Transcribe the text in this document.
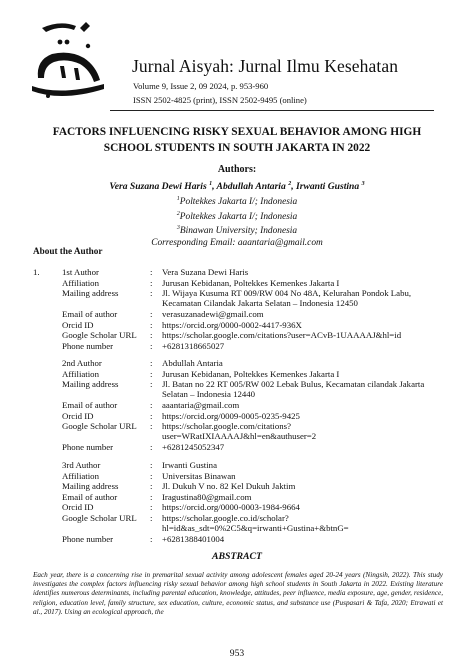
Jurnal Aisyah: Jurnal Ilmu Kesehatan
Volume 9, Issue 2, 09 2024, p. 953-960
ISSN 2502-4825 (print), ISSN 2502-9495 (online)
FACTORS INFLUENCING RISKY SEXUAL BEHAVIOR AMONG HIGH SCHOOL STUDENTS IN SOUTH JAKARTA IN 2022
Authors:
Vera Suzana Dewi Haris $^1$, Abdullah Antaria $^2$, Irwanti Gustina $^3$
$^1$Poltekkes Jakarta I/; Indonesia
$^2$Poltekkes Jakarta I/; Indonesia
$^3$Binawan University; Indonesia
Corresponding Email: aaantaria@gmail.com
About the Author
1.	1st Author	: Vera Suzana Dewi Haris
Affiliation	: Jurusan Kebidanan, Poltekkes Kemenkes Jakarta I
Mailing address	: Jl. Wijaya Kusuma RT 009/RW 004 No 48A, Kelurahan Pondok Labu, Kecamatan Cilandak Jakarta Selatan – Indonesia 12450
Email of author	: verasuzanadewi@gmail.com
Orcid ID	: https://orcid.org/0000-0002-4417-936X
Google Scholar URL : https://scholar.google.com/citations?user=ACvB-1UAAAAJ&hl=id
Phone number	: +6281318665027
2nd Author	: Abdullah Antaria
Affiliation	: Jurusan Kebidanan, Poltekkes Kemenkes Jakarta I
Mailing address	: Jl. Batan no 22 RT 005/RW 002 Lebak Bulus, Kecamatan cilandak Jakarta Selatan – Indonesia 12440
Email of author	: aaantaria@gmail.com
Orcid ID	: https://orcid.org/0009-0005-0235-9425
Google Scholar URL : https://scholar.google.com/citations?user=WRatIXIAAAAJ&hl=en&authuser=2
Phone number	: +6281245052347
3rd Author	: Irwanti Gustina
Affiliation	: Universitas Binawan
Mailing address	: Jl. Dukuh V no. 82 Kel Dukuh Jaktim
Email of author	: Iragustina80@gmail.com
Orcid ID	: https://orcid.org/0000-0003-1984-9664
Google Scholar URL : https://scholar.google.co.id/scholar?hl=id&as_sdt=0%2C5&q=irwanti+Gustina+&btnG=
Phone number	: +6281388401004
ABSTRACT
Each year, there is a concerning rise in premarital sexual activity among adolescent females aged 20-24 years (Ningsih, 2022). This study investigates the complex factors influencing risky sexual behavior among high school students in South Jakarta in 2022. Existing literature identifies numerous determinants, including parental education, knowledge, attitudes, peer influence, media exposure, age, gender, residence, religion, education level, family structure, sex education, culture, economic status, and substance use (Puspasari & Tafa, 2020; Etrawati et al., 2017). Using an ecological approach, the
953
